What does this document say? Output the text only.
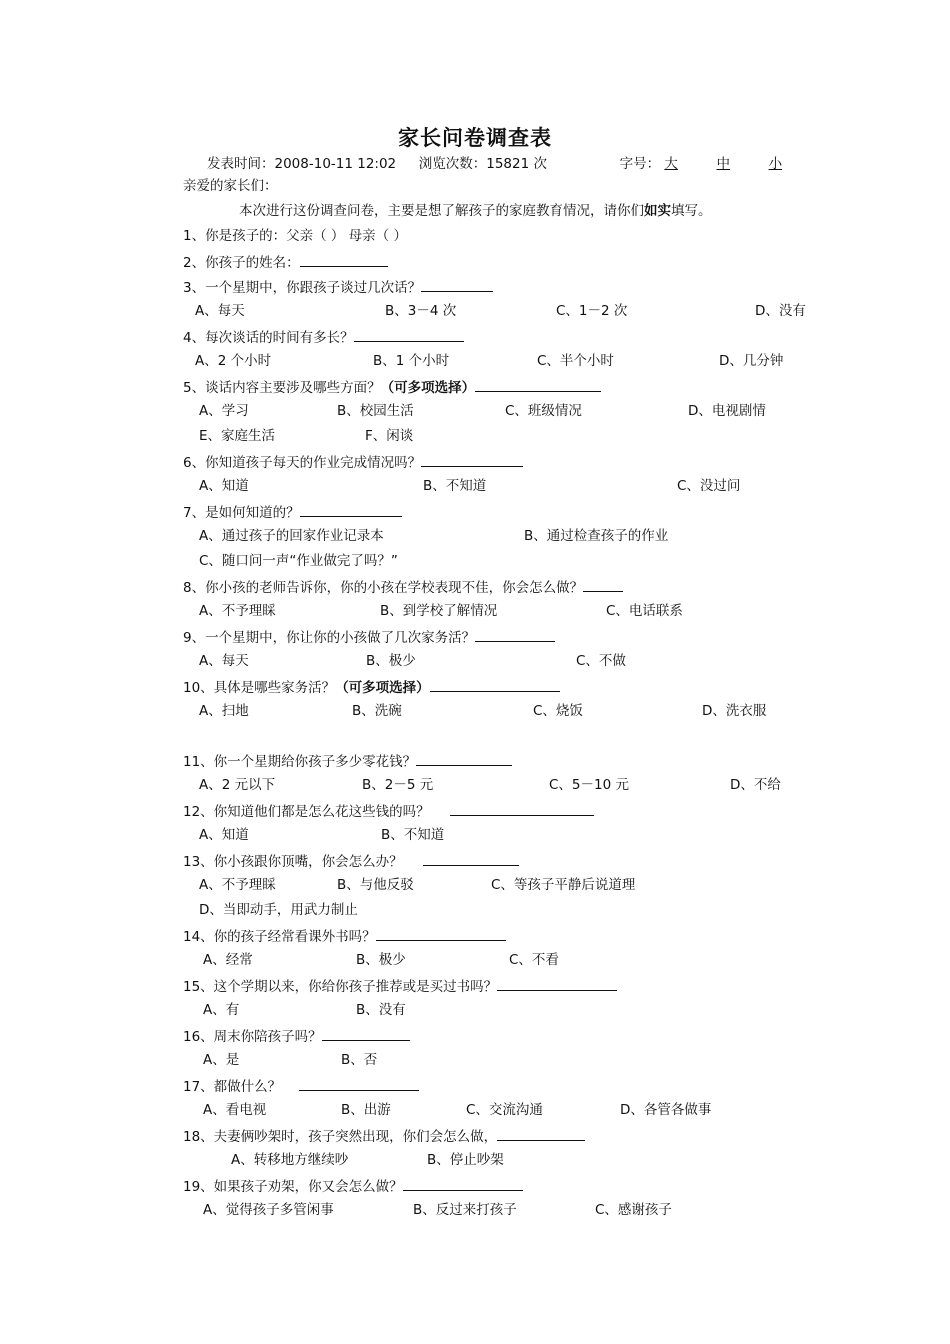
家长问卷调查表
发表时间：2008-10-11 12:02 浏览次数：15821 次	字号： 大	中	小
亲爱的家长们：
本次进行这份调查问卷，主要是想了解孩子的家庭教育情况，请你们如实填写。
1、你是孩子的：父亲（ ） 母亲（ ）
2、你孩子的姓名：
3、一个星期中，你跟孩子谈过几次话？
A、每天	B、3－4 次	C、1－2 次	D、没有
4、每次谈话的时间有多长？
A、2 个小时	B、1 个小时	C、半个小时	D、几分钟
5、谈话内容主要涉及哪些方面？（可多项选择）
A、学习	B、校园生活	C、班级情况	D、电视剧情
E、家庭生活	F、闲谈
6、你知道孩子每天的作业完成情况吗？
A、知道	B、不知道	C、没过问
7、是如何知道的？
A、通过孩子的回家作业记录本	B、通过检查孩子的作业
C、随口问一声“作业做完了吗？”
8、你小孩的老师告诉你，你的小孩在学校表现不佳，你会怎么做？
A、不予理睬	B、到学校了解情况	C、电话联系
9、一个星期中，你让你的小孩做了几次家务活？
A、每天	B、极少	C、不做
10、具体是哪些家务活？（可多项选择）
A、扫地	B、洗碗	C、烧饭	D、洗衣服
11、你一个星期给你孩子多少零花钱？
A、2 元以下	B、2－5 元	C、5－10 元	D、不给
12、你知道他们都是怎么花这些钱的吗？
A、知道	B、不知道
13、你小孩跟你顶嘴，你会怎么办？
A、不予理睬	B、与他反驳	C、等孩子平静后说道理
D、当即动手，用武力制止
14、你的孩子经常看课外书吗？
A、经常	B、极少	C、不看
15、这个学期以来，你给你孩子推荐或是买过书吗？
A、有	B、没有
16、周末你陪孩子吗？
A、是	B、否
17、都做什么？
A、看电视	B、出游	C、交流沟通	D、各管各做事
18、夫妻俩吵架时，孩子突然出现，你们会怎么做，
A、转移地方继续吵	B、停止吵架
19、如果孩子劝架，你又会怎么做？
A、觉得孩子多管闲事	B、反过来打孩子	C、感谢孩子
